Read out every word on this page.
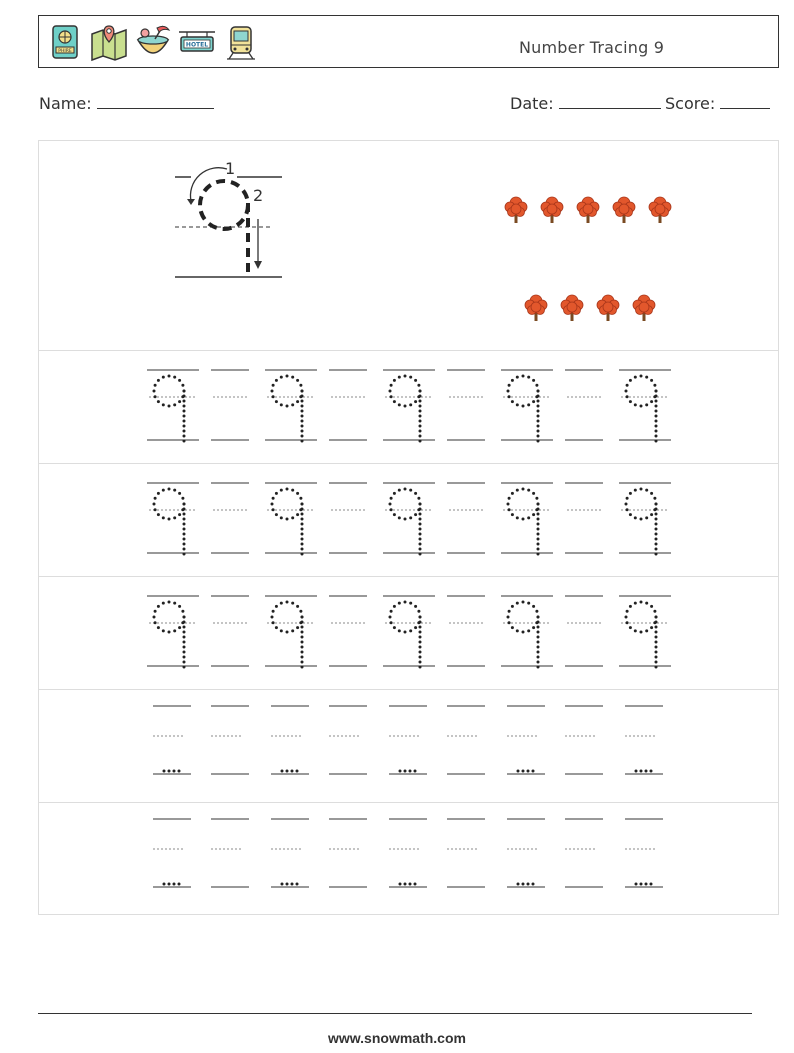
PHIRE
HOTEL	Number Tracing 9
Name:	Date:	Score:
1
2
www.snowmath.com
